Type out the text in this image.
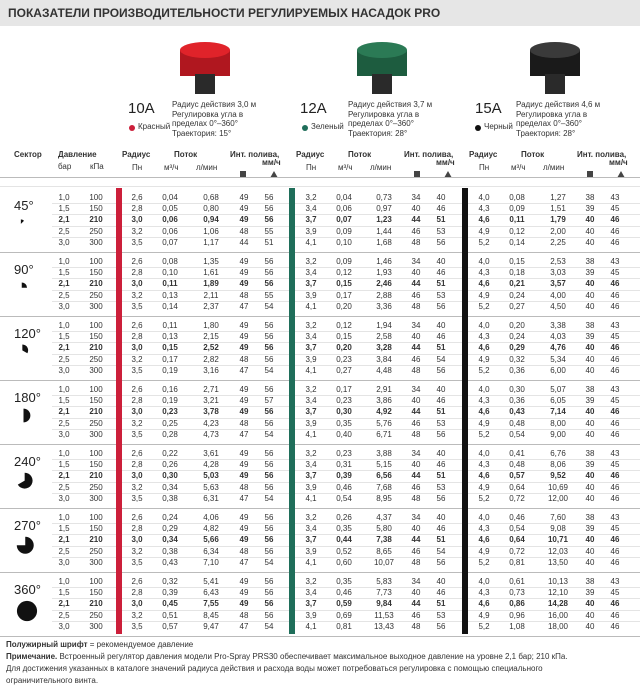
ПОКАЗАТЕЛИ ПРОИЗВОДИТЕЛЬНОСТИ РЕГУЛИРУЕМЫХ НАСАДОК PRO
10A	12A	15A
Красный	Зеленый	Черный
Радиус действия 3,0 м
Регулировка угла в
пределах 0°–360°
Траектория: 15°
Радиус действия 3,7 м
Регулировка угла в
пределах 0°–360°
Траектория: 28°
Радиус действия 4,6 м
Регулировка угла в
пределах 0°–360°
Траектория: 28°
Сектор Давление
бар кПа
Радиус
Пн
Поток
м³/ч л/мин
Инт. полива,
мм/ч
Радиус
Пн
Поток
м³/ч л/мин
Инт. полива,
мм/ч
Радиус
Пн
Поток
м³/ч л/мин
Инт. полива,
мм/ч
45°
1,0	100	2,6	0,04	0,68	49	56	3,2	0,04	0,73	34	40	4,0	0,08	1,27	38	43
1,5	150	2,8	0,05	0,80	49	56	3,4	0,06	0,97	40	46	4,3	0,09	1,51	39	45
2,1	210	3,0	0,06	0,94	49	56	3,7	0,07	1,23	44	51	4,6	0,11	1,79	40	46
2,5	250	3,2	0,06	1,06	48	55	3,9	0,09	1,44	46	53	4,9	0,12	2,00	40	46
3,0	300	3,5	0,07	1,17	44	51	4,1	0,10	1,68	48	56	5,2	0,14	2,25	40	46
90°
1,0	100	2,6	0,08	1,35	49	56	3,2	0,09	1,46	34	40	4,0	0,15	2,53	38	43
1,5	150	2,8	0,10	1,61	49	56	3,4	0,12	1,93	40	46	4,3	0,18	3,03	39	45
2,1	210	3,0	0,11	1,89	49	56	3,7	0,15	2,46	44	51	4,6	0,21	3,57	40	46
2,5	250	3,2	0,13	2,11	48	55	3,9	0,17	2,88	46	53	4,9	0,24	4,00	40	46
3,0	300	3,5	0,14	2,37	47	54	4,1	0,20	3,36	48	56	5,2	0,27	4,50	40	46
120°
1,0	100	2,6	0,11	1,80	49	56	3,2	0,12	1,94	34	40	4,0	0,20	3,38	38	43
1,5	150	2,8	0,13	2,15	49	56	3,4	0,15	2,58	40	46	4,3	0,24	4,03	39	45
2,1	210	3,0	0,15	2,52	49	56	3,7	0,20	3,28	44	51	4,6	0,29	4,76	40	46
2,5	250	3,2	0,17	2,82	48	56	3,9	0,23	3,84	46	54	4,9	0,32	5,34	40	46
3,0	300	3,5	0,19	3,16	47	54	4,1	0,27	4,48	48	56	5,2	0,36	6,00	40	46
180°
1,0	100	2,6	0,16	2,71	49	56	3,2	0,17	2,91	34	40	4,0	0,30	5,07	38	43
1,5	150	2,8	0,19	3,21	49	57	3,4	0,23	3,86	40	46	4,3	0,36	6,05	39	45
2,1	210	3,0	0,23	3,78	49	56	3,7	0,30	4,92	44	51	4,6	0,43	7,14	40	46
2,5	250	3,2	0,25	4,23	48	56	3,9	0,35	5,76	46	53	4,9	0,48	8,00	40	46
3,0	300	3,5	0,28	4,73	47	54	4,1	0,40	6,71	48	56	5,2	0,54	9,00	40	46
240°
1,0	100	2,6	0,22	3,61	49	56	3,2	0,23	3,88	34	40	4,0	0,41	6,76	38	43
1,5	150	2,8	0,26	4,28	49	56	3,4	0,31	5,15	40	46	4,3	0,48	8,06	39	45
2,1	210	3,0	0,30	5,03	49	56	3,7	0,39	6,56	44	51	4,6	0,57	9,52	40	46
2,5	250	3,2	0,34	5,63	48	56	3,9	0,46	7,68	46	53	4,9	0,64	10,69	40	46
3,0	300	3,5	0,38	6,31	47	54	4,1	0,54	8,95	48	56	5,2	0,72	12,00	40	46
270°
1,0	100	2,6	0,24	4,06	49	56	3,2	0,26	4,37	34	40	4,0	0,46	7,60	38	43
1,5	150	2,8	0,29	4,82	49	56	3,4	0,35	5,80	40	46	4,3	0,54	9,08	39	45
2,1	210	3,0	0,34	5,66	49	56	3,7	0,44	7,38	44	51	4,6	0,64	10,71	40	46
2,5	250	3,2	0,38	6,34	48	56	3,9	0,52	8,65	46	54	4,9	0,72	12,03	40	46
3,0	300	3,5	0,43	7,10	47	54	4,1	0,60	10,07	48	56	5,2	0,81	13,50	40	46
360°
1,0	100	2,6	0,32	5,41	49	56	3,2	0,35	5,83	34	40	4,0	0,61	10,13	38	43
1,5	150	2,8	0,39	6,43	49	56	3,4	0,46	7,73	40	46	4,3	0,73	12,10	39	45
2,1	210	3,0	0,45	7,55	49	56	3,7	0,59	9,84	44	51	4,6	0,86	14,28	40	46
2,5	250	3,2	0,51	8,45	48	56	3,9	0,69	11,53	46	53	4,9	0,96	16,00	40	46
3,0	300	3,5	0,57	9,47	47	54	4,1	0,81	13,43	48	56	5,2	1,08	18,00	40	46
Полужирный шрифт = рекомендуемое давление
Примечание. Встроенный регулятор давления модели Pro-Spray PRS30 обеспечивает максимальное выходное давление на уровне 2,1 бар; 210 кПа.
Для достижения указанных в каталоге значений радиуса действия и расхода воды может потребоваться регулировка с помощью специального
ограничительного винта.
